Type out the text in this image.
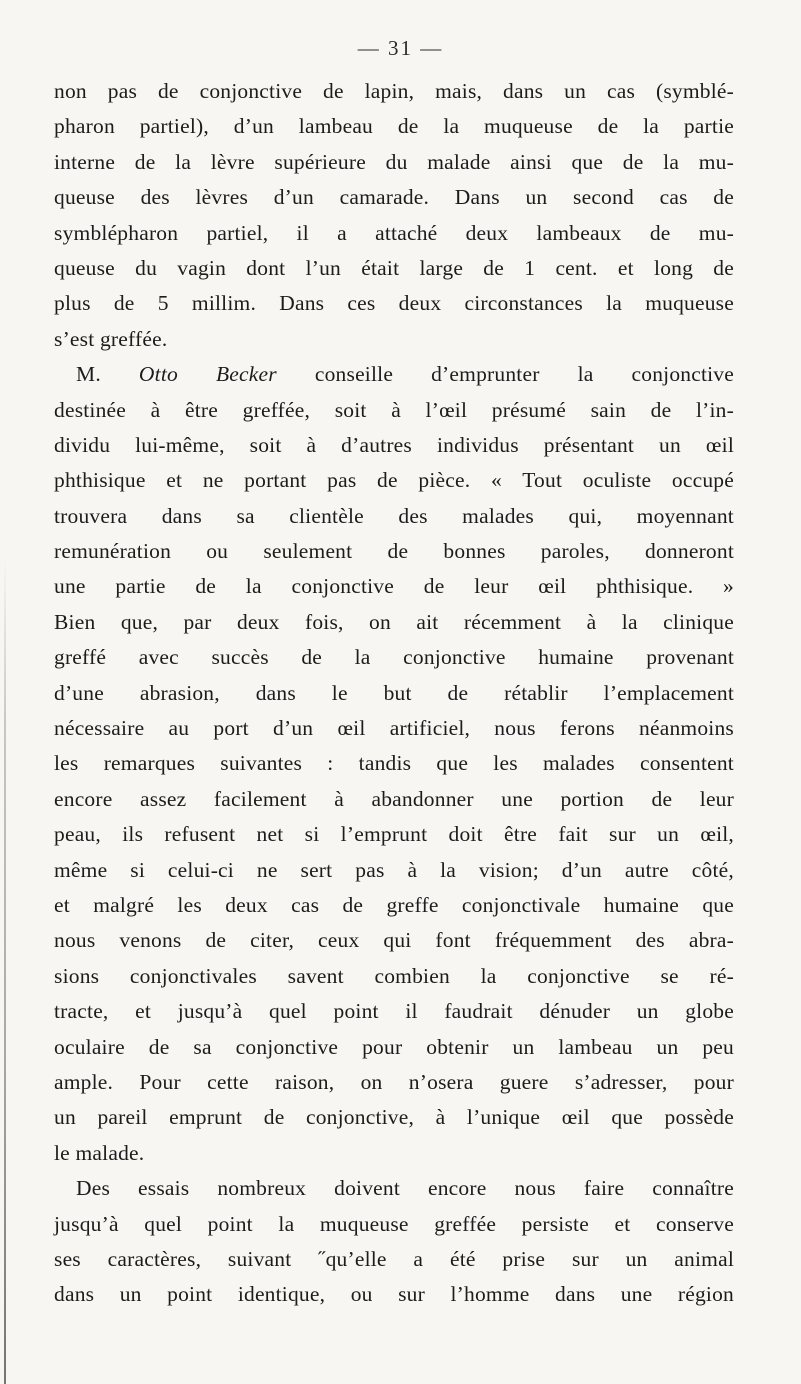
— 31 —
non pas de conjonctive de lapin, mais, dans un cas (symblé-
pharon partiel), d’un lambeau de la muqueuse de la partie
interne de la lèvre supérieure du malade ainsi que de la mu-
queuse des lèvres d’un camarade. Dans un second cas de
symblépharon partiel, il a attaché deux lambeaux de mu-
queuse du vagin dont l’un était large de 1 cent. et long de
plus de 5 millim. Dans ces deux circonstances la muqueuse
s’est greffée.
M. Otto Becker conseille d’emprunter la conjonctive
destinée à être greffée, soit à l’œil présumé sain de l’in-
dividu lui-même, soit à d’autres individus présentant un œil
phthisique et ne portant pas de pièce. « Tout oculiste occupé
trouvera dans sa clientèle des malades qui, moyennant
remunération ou seulement de bonnes paroles, donneront
une partie de la conjonctive de leur œil phthisique. »
Bien que, par deux fois, on ait récemment à la clinique
greffé avec succès de la conjonctive humaine provenant
d’une abrasion, dans le but de rétablir l’emplacement
nécessaire au port d’un œil artificiel, nous ferons néanmoins
les remarques suivantes : tandis que les malades consentent
encore assez facilement à abandonner une portion de leur
peau, ils refusent net si l’emprunt doit être fait sur un œil,
même si celui-ci ne sert pas à la vision; d’un autre côté,
et malgré les deux cas de greffe conjonctivale humaine que
nous venons de citer, ceux qui font fréquemment des abra-
sions conjonctivales savent combien la conjonctive se ré-
tracte, et jusqu’à quel point il faudrait dénuder un globe
oculaire de sa conjonctive pour obtenir un lambeau un peu
ample. Pour cette raison, on n’osera guere s’adresser, pour
un pareil emprunt de conjonctive, à l’unique œil que possède
le malade.
Des essais nombreux doivent encore nous faire connaître
jusqu’à quel point la muqueuse greffée persiste et conserve
ses caractères, suivant ˝qu’elle a été prise sur un animal
dans un point identique, ou sur l’homme dans une région
